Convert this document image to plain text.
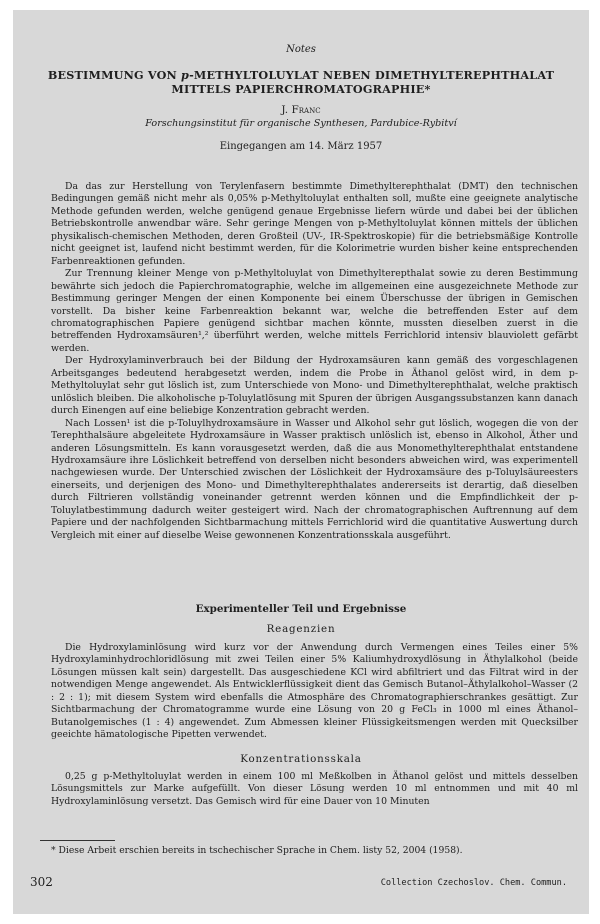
Notes
BESTIMMUNG VON p-METHYLTOLUYLAT NEBEN DIMETHYLTEREPHTHALAT
MITTELS PAPIERCHROMATOGRAPHIE*
J. Franc
Forschungsinstitut für organische Synthesen, Pardubice-Rybitví
Eingegangen am 14. März 1957

Da das zur Herstellung von Terylenfasern bestimmte Dimethylterephthalat (DMT) den technischen Bedingungen gemäß nicht mehr als 0,05% p-Methyltoluylat enthalten soll, mußte eine geeignete analytische Methode gefunden werden, welche genügend genaue Ergebnisse liefern würde und dabei bei der üblichen Betriebskontrolle anwendbar wäre. Sehr geringe Mengen von p-Methyltoluylat können mittels der üblichen physikalisch-chemischen Methoden, deren Großteil (UV-, IR-Spektroskopie) für die betriebsmäßige Kontrolle nicht geeignet ist, laufend nicht bestimmt werden, für die Kolorimetrie wurden bisher keine entsprechenden Farbenreaktionen gefunden.

Zur Trennung kleiner Menge von p-Methyltoluylat von Dimethylterepthalat sowie zu deren Bestimmung bewährte sich jedoch die Papierchromatographie, welche im allgemeinen eine ausgezeichnete Methode zur Bestimmung geringer Mengen der einen Komponente bei einem Überschusse der übrigen in Gemischen vorstellt. Da bisher keine Farbenreaktion bekannt war, welche die betreffenden Ester auf dem chromatographischen Papiere genügend sichtbar machen könnte, mussten dieselben zuerst in die betreffenden Hydroxamsäuren¹,² überführt werden, welche mittels Ferrichlorid intensiv blauviolett gefärbt werden.

Der Hydroxylaminverbrauch bei der Bildung der Hydroxamsäuren kann gemäß des vorgeschlagenen Arbeitsganges bedeutend herabgesetzt werden, indem die Probe in Äthanol gelöst wird, in dem p-Methyltoluylat sehr gut löslich ist, zum Unterschiede von Mono- und Dimethylterephthalat, welche praktisch unlöslich bleiben. Die alkoholische p-Toluylatlösung mit Spuren der übrigen Ausgangssubstanzen kann danach durch Einengen auf eine beliebige Konzentration gebracht werden.

Nach Lossen¹ ist die p-Toluylhydroxamsäure in Wasser und Alkohol sehr gut löslich, wogegen die von der Terephthalsäure abgeleitete Hydroxamsäure in Wasser praktisch unlöslich ist, ebenso in Alkohol, Äther und anderen Lösungsmitteln. Es kann vorausgesetzt werden, daß die aus Monomethylterephthalat entstandene Hydroxamsäure ihre Löslichkeit betreffend von derselben nicht besonders abweichen wird, was experimentell nachgewiesen wurde. Der Unterschied zwischen der Löslichkeit der Hydroxamsäure des p-Toluylsäureesters einerseits, und derjenigen des Mono- und Dimethylterephthalates andererseits ist derartig, daß dieselben durch Filtrieren vollständig voneinander getrennt werden können und die Empfindlichkeit der p-Toluylatbestimmung dadurch weiter gesteigert wird. Nach der chromatographischen Auftrennung auf dem Papiere und der nachfolgenden Sichtbarmachung mittels Ferrichlorid wird die quantitative Auswertung durch Vergleich mit einer auf dieselbe Weise gewonnenen Konzentrationsskala ausgeführt.

Experimenteller Teil und Ergebnisse
Reagenzien

Die Hydroxylaminlösung wird kurz vor der Anwendung durch Vermengen eines Teiles einer 5% Hydroxylaminhydrochloridlösung mit zwei Teilen einer 5% Kaliumhydroxydlösung in Äthylalkohol (beide Lösungen müssen kalt sein) dargestellt. Das ausgeschiedene KCl wird abfiltriert und das Filtrat wird in der notwendigen Menge angewendet. Als Entwicklerflüssigkeit dient das Gemisch Butanol–Äthylalkohol–Wasser (2 : 2 : 1); mit diesem System wird ebenfalls die Atmosphäre des Chromatographierschrankes gesättigt. Zur Sichtbarmachung der Chromatogramme wurde eine Lösung von 20 g FeCl₃ in 1000 ml eines Äthanol–Butanolgemisches (1 : 4) angewendet. Zum Abmessen kleiner Flüssigkeitsmengen werden mit Quecksilber geeichte hämatologische Pipetten verwendet.

Konzentrationsskala

0,25 g p-Methyltoluylat werden in einem 100 ml Meßkolben in Äthanol gelöst und mittels desselben Lösungsmittels zur Marke aufgefüllt. Von dieser Lösung werden 10 ml entnommen und mit 40 ml Hydroxylaminlösung versetzt. Das Gemisch wird für eine Dauer von 10 Minuten

* Diese Arbeit erschien bereits in tschechischer Sprache in Chem. listy 52, 2004 (1958).
302	Collection Czechoslov. Chem. Commun.
